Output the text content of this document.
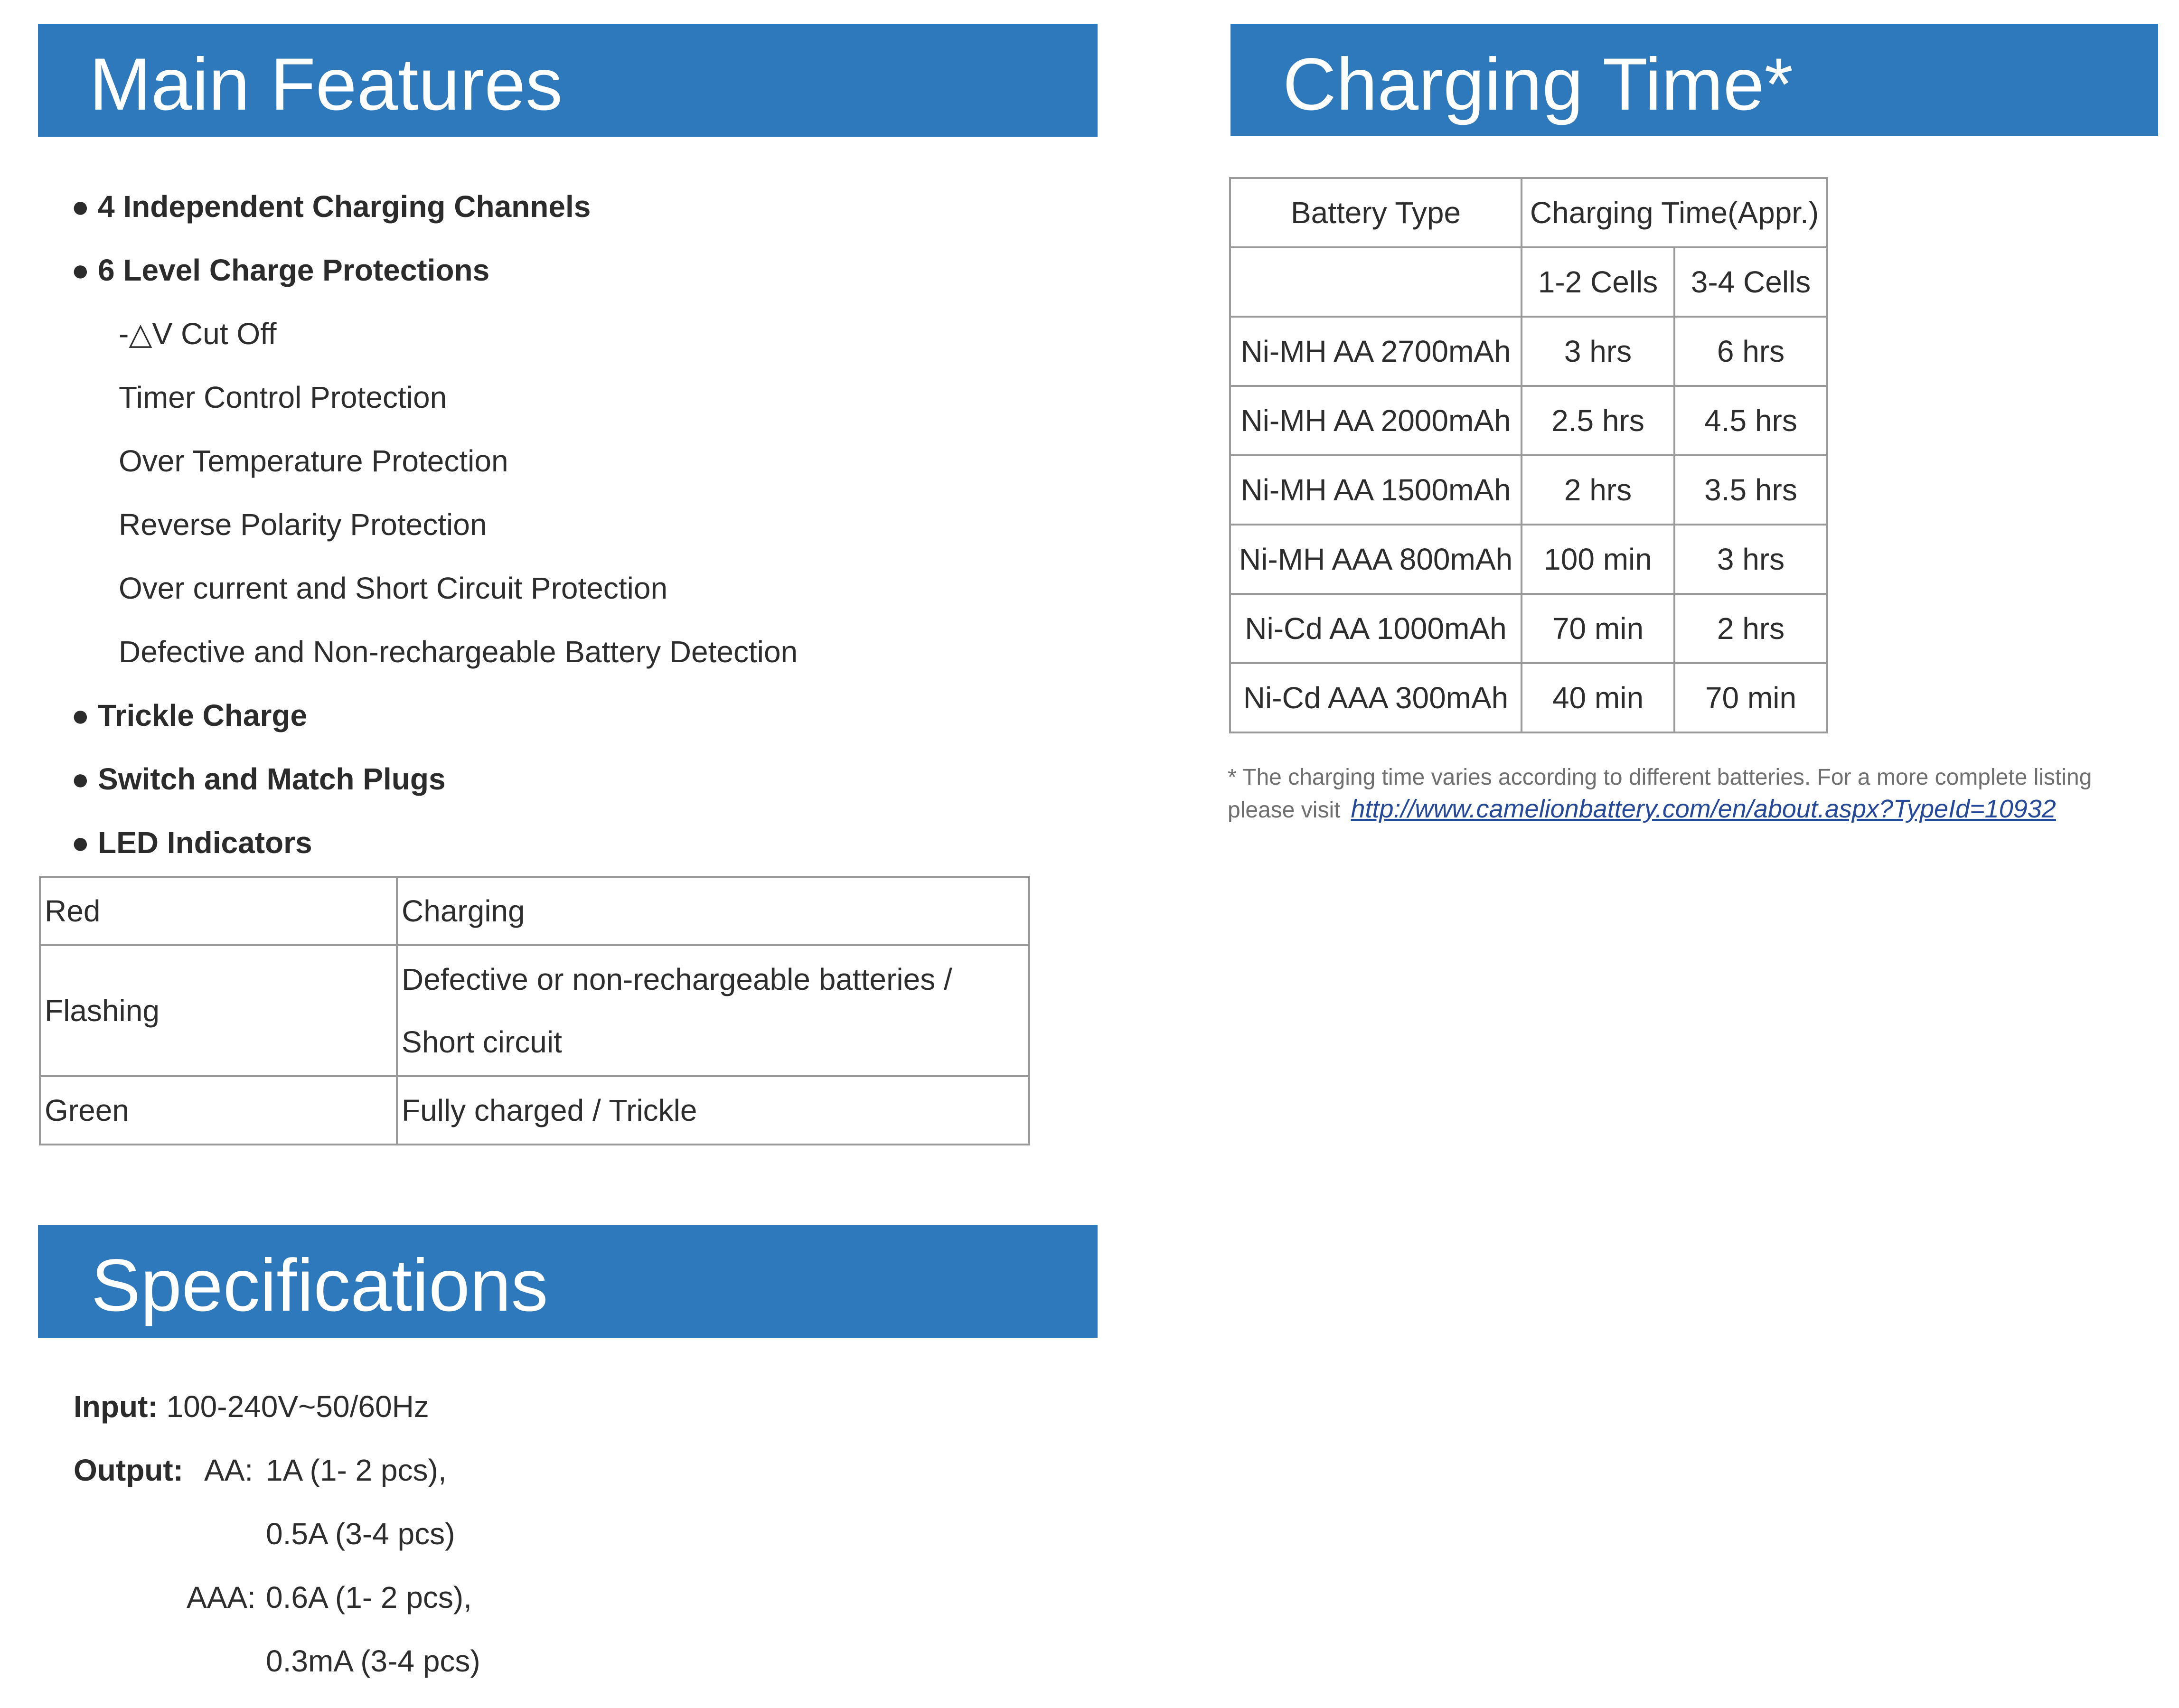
Main Features
● 4 Independent Charging Channels
● 6 Level Charge Protections
-△V Cut Off
Timer Control Protection
Over Temperature Protection
Reverse Polarity Protection
Over current and Short Circuit Protection
Defective and Non-rechargeable Battery Detection
● Trickle Charge
● Switch and Match Plugs
● LED Indicators
Red	Charging
Flashing	Defective or non-rechargeable batteries /
Short circuit

Green	Fully charged / Trickle
Charging Time*
Battery Type	Charging Time(Appr.)	
	1-2 Cells	3-4 Cells
Ni-MH AA 2700mAh	3 hrs	6 hrs
Ni-MH AA 2000mAh	2.5 hrs	4.5 hrs
Ni-MH AA 1500mAh	2 hrs	3.5 hrs
Ni-MH AAA 800mAh	100 min	3 hrs
Ni-Cd AA 1000mAh	70 min	2 hrs
Ni-Cd AAA 300mAh	40 min	70 min
* The charging time varies according to different batteries. For a more complete listing
please visit http://www.camelionbattery.com/en/about.aspx?TypeId=10932
Specifications
Input: 100-240V~50/60Hz
Output: AA: 1A (1- 2 pcs),
0.5A (3-4 pcs)
AAA: 0.6A (1- 2 pcs),
0.3mA (3-4 pcs)
